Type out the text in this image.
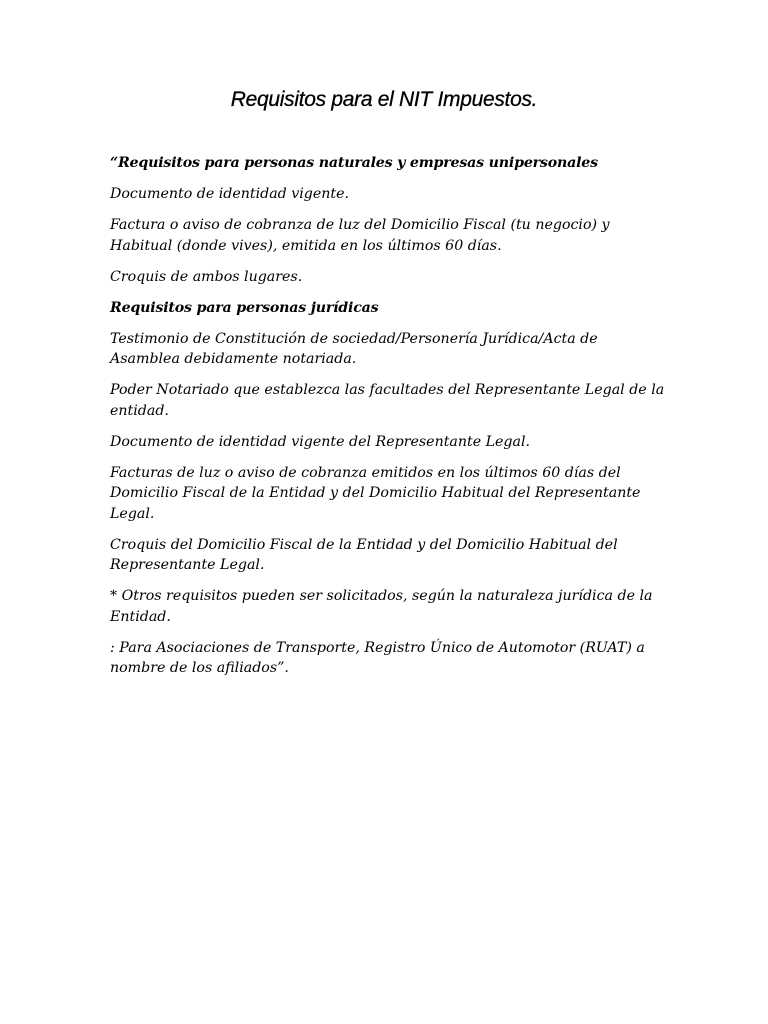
Requisitos para el NIT Impuestos.

“Requisitos para personas naturales y empresas unipersonales

Documento de identidad vigente.

Factura o aviso de cobranza de luz del Domicilio Fiscal (tu negocio) y Habitual (donde vives), emitida en los últimos 60 días.

Croquis de ambos lugares.

Requisitos para personas jurídicas

Testimonio de Constitución de sociedad/Personería Jurídica/Acta de Asamblea debidamente notariada.

Poder Notariado que establezca las facultades del Representante Legal de la entidad.

Documento de identidad vigente del Representante Legal.

Facturas de luz o aviso de cobranza emitidos en los últimos 60 días del Domicilio Fiscal de la Entidad y del Domicilio Habitual del Representante Legal.

Croquis del Domicilio Fiscal de la Entidad y del Domicilio Habitual del Representante Legal.

* Otros requisitos pueden ser solicitados, según la naturaleza jurídica de la Entidad.

: Para Asociaciones de Transporte, Registro Único de Automotor (RUAT) a nombre de los afiliados”.
